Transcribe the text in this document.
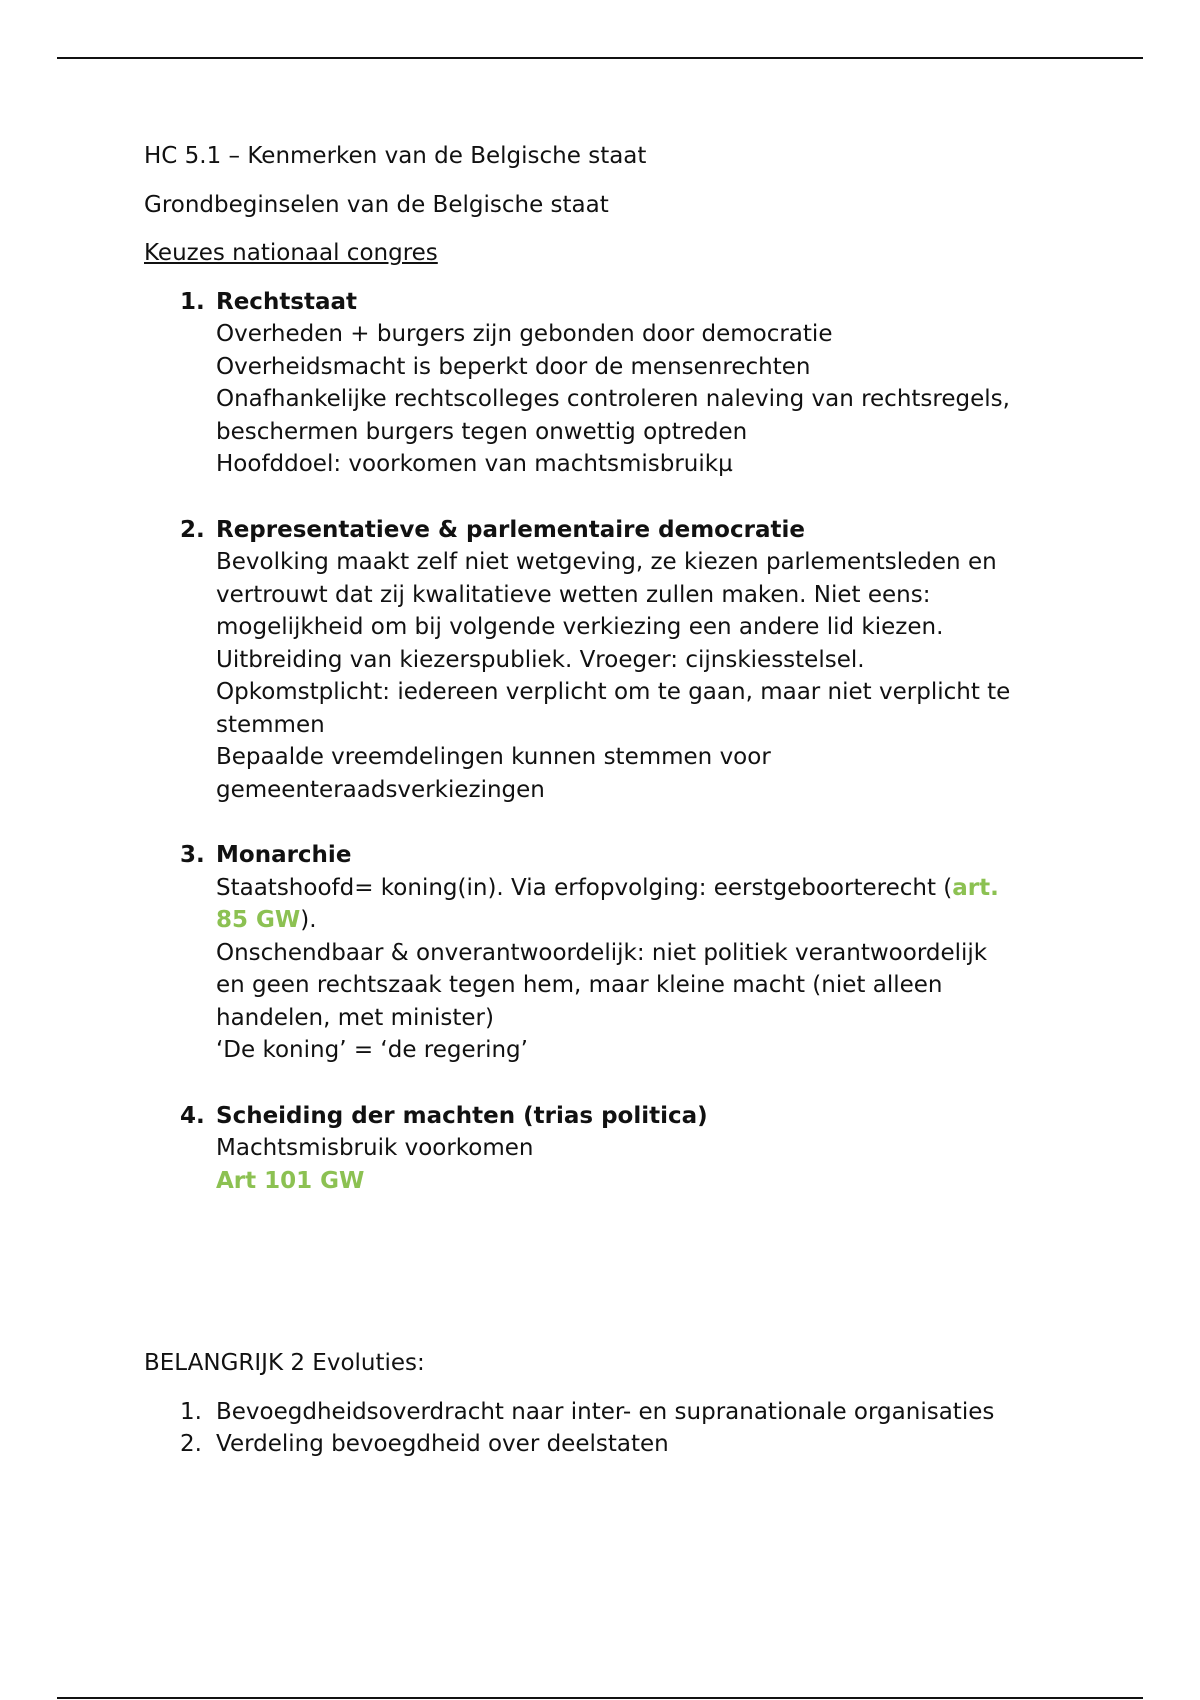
HC 5.1 – Kenmerken van de Belgische staat

Grondbeginselen van de Belgische staat

Keuzes nationaal congres

1. Rechtstaat
Overheden + burgers zijn gebonden door democratie
Overheidsmacht is beperkt door de mensenrechten
Onafhankelijke rechtscolleges controleren naleving van rechtsregels,
beschermen burgers tegen onwettig optreden
Hoofddoel: voorkomen van machtsmisbruikµ
2. Representatieve & parlementaire democratie
Bevolking maakt zelf niet wetgeving, ze kiezen parlementsleden en
vertrouwt dat zij kwalitatieve wetten zullen maken. Niet eens:
mogelijkheid om bij volgende verkiezing een andere lid kiezen.
Uitbreiding van kiezerspubliek. Vroeger: cijnskiesstelsel.
Opkomstplicht: iedereen verplicht om te gaan, maar niet verplicht te
stemmen
Bepaalde vreemdelingen kunnen stemmen voor
gemeenteraadsverkiezingen
3. Monarchie
Staatshoofd= koning(in). Via erfopvolging: eerstgeboorterecht (art.
85 GW).
Onschendbaar & onverantwoordelijk: niet politiek verantwoordelijk
en geen rechtszaak tegen hem, maar kleine macht (niet alleen
handelen, met minister)
‘De koning’ = ‘de regering’
4. Scheiding der machten (trias politica)
Machtsmisbruik voorkomen
Art 101 GW

BELANGRIJK 2 Evoluties:

1. Bevoegdheidsoverdracht naar inter- en supranationale organisaties
2. Verdeling bevoegdheid over deelstaten
